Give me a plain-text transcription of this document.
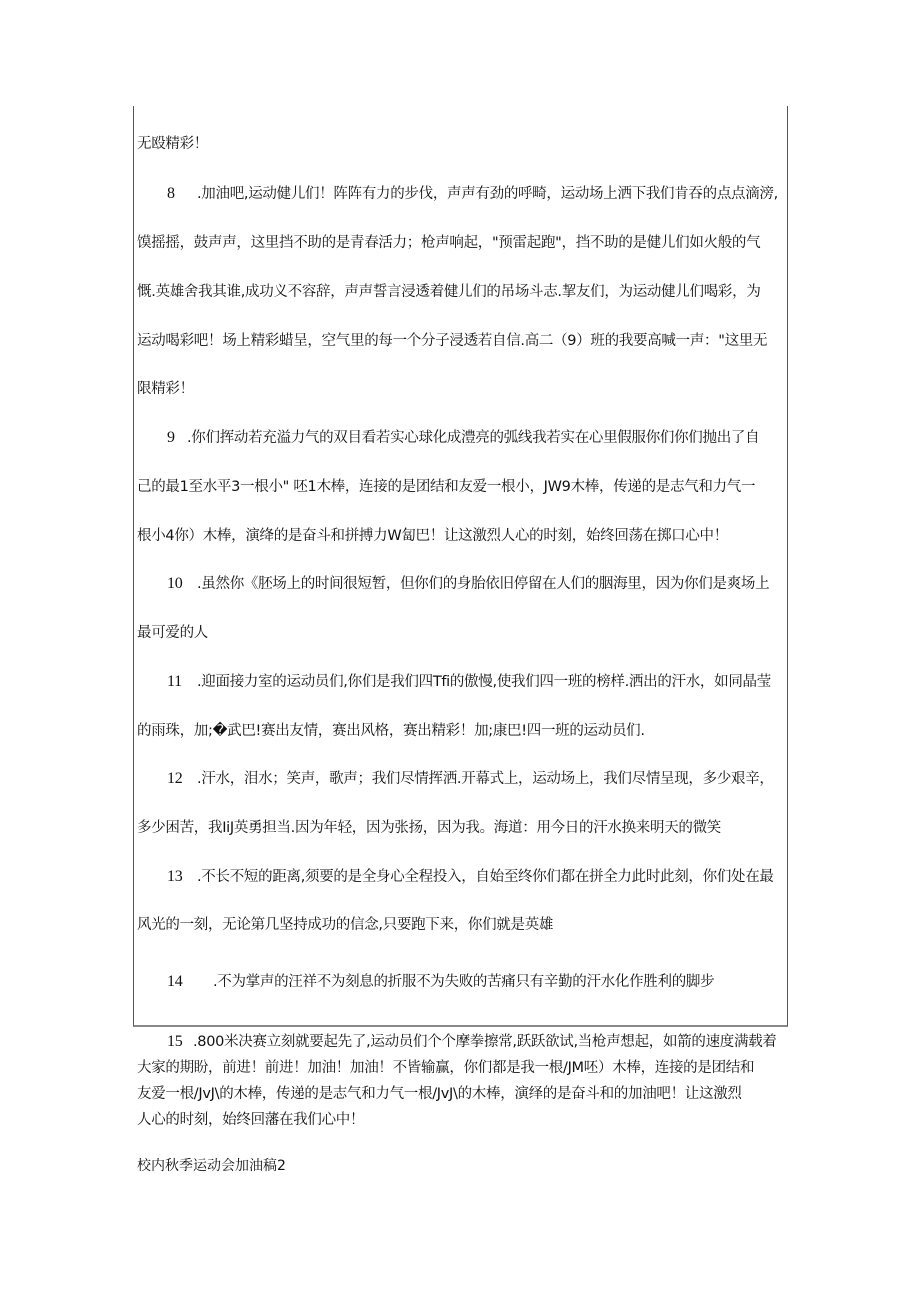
无殴精彩！
8 .加油吧,运动健儿们！阵阵有力的步伐，声声有劲的呼畸，运动场上洒下我们肯吞的点点滴滂,
馍摇摇，鼓声声，这里挡不助的是青春活力；枪声响起，"预雷起跑"，挡不助的是健儿们如火般的气
慨.英雄舍我其谁,成功义不容辞，声声誓言浸透着健儿们的吊场斗志.挈友们，为运动健儿们喝彩，为
运动喝彩吧！场上精彩蜡呈，空气里的每一个分子浸透若自信.高二（9）班的我要高喊一声："这里无
限精彩！
9 .你们挥动若充溢力气的双目看若实心球化成澧亮的弧线我若实在心里假服你们你们抛出了自
己的最1至水平3一根小" 呸1木棒，连接的是团结和友爱一根小，JW9木棒，传递的是志气和力气一
根小4你）木棒，演绛的是奋斗和拼搏力W匐巴！让这激烈人心的时刻，始终回荡在掷口心中！
10 .虽然你《胚场上的时间很短暂，但你们的身胎依旧停留在人们的胭海里，因为你们是爽场上
最可爱的人
11 .迎面接力室的运动员们,你们是我们四Tfi的傲慢,使我们四一班的榜样.洒出的汗水，如同晶莹
的雨珠，加;�武巴!赛出友情，赛出风格，赛出精彩！加;康巴!四一班的运动员们.
12 .汗水，泪水；笑声，歌声；我们尽情挥洒.开幕式上，运动场上，我们尽情呈现，多少艰辛，
多少困苦，我IiJ英勇担当.因为年轻，因为张扬，因为我。海道：用今日的汗水换来明天的微笑
13 .不长不短的距离,须要的是全身心全程投入，自始至终你们都在拼全力此时此刻，你们处在最
风光的一刻，无论第几坚持成功的信念,只要跑下来，你们就是英雄
14 .不为掌声的汪祥不为刻息的折服不为失败的苦痛只有辛勤的汗水化作胜利的脚步
15 .800米决赛立刻就要起先了,运动员们个个摩拳擦常,跃跃欲试,当枪声想起，如箭的速度满载着
大家的期盼，前进！前进！加油！加油！不皆输赢，你们都是我一根/JM呸）木棒，连接的是团结和
友爱一根/JvJ\的木棒，传递的是志气和力气一根/JvJ\的木棒，演绎的是奋斗和的加油吧！让这激烈
人心的时刻，始终回藩在我们心中！
校内秋季运动会加油稿2
